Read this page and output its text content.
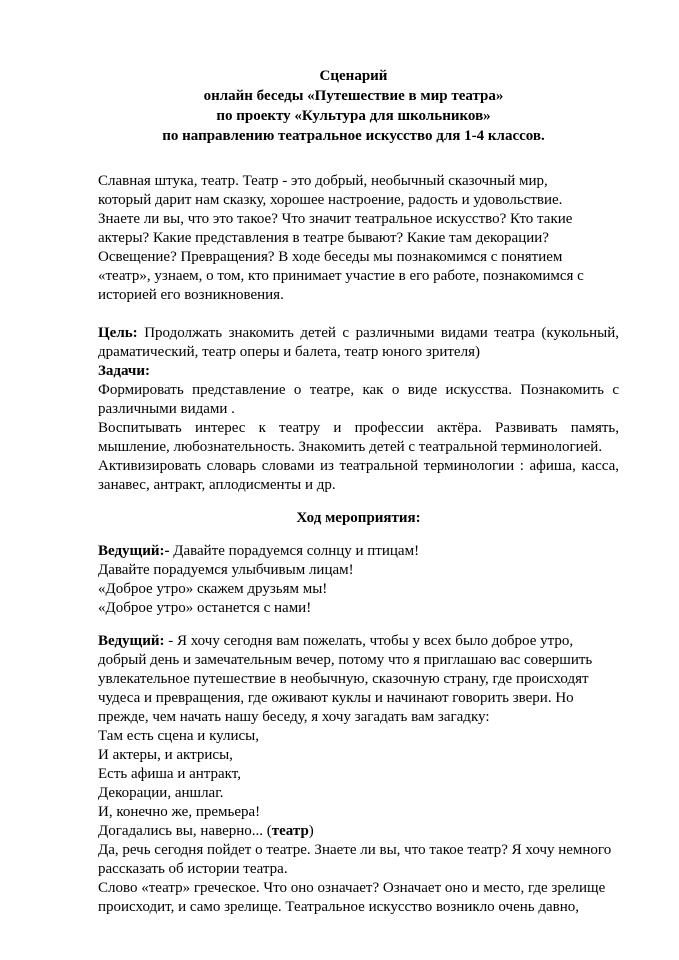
Сценарий
онлайн беседы «Путешествие в мир театра»
по проекту «Культура для школьников»
по направлению театральное искусство для 1-4 классов.
Славная штука, театр. Театр - это добрый, необычный сказочный мир,
который дарит нам сказку, хорошее настроение, радость и удовольствие.
Знаете ли вы, что это такое? Что значит театральное искусство? Кто такие
актеры? Какие представления в театре бывают? Какие там декорации?
Освещение? Превращения? В ходе беседы мы познакомимся с понятием
«театр», узнаем, о том, кто принимает участие в его работе, познакомимся с
историей его возникновения.

Цель: Продолжать знакомить детей с различными видами театра (кукольный, драматический, театр оперы и балета, театр юного зрителя)

Задачи:

Формировать представление о театре, как о виде искусства. Познакомить с различными видами .

Воспитывать интерес к театру и профессии актёра. Развивать память, мышление, любознательность. Знакомить детей с театральной терминологией.

Активизировать словарь словами из театральной терминологии : афиша, касса, занавес, антракт, аплодисменты и др.

Ход мероприятия:
Ведущий:- Давайте порадуемся солнцу и птицам!
Давайте порадуемся улыбчивым лицам!
«Доброе утро» скажем друзьям мы!
«Доброе утро» останется с нами!
Ведущий: - Я хочу сегодня вам пожелать, чтобы у всех было доброе утро,
добрый день и замечательным вечер, потому что я приглашаю вас совершить
увлекательное путешествие в необычную, сказочную страну, где происходят
чудеса и превращения, где оживают куклы и начинают говорить звери. Но
прежде, чем начать нашу беседу, я хочу загадать вам загадку:
Там есть сцена и кулисы,
И актеры, и актрисы,
Есть афиша и антракт,
Декорации, аншлаг.
И, конечно же, премьера!
Догадались вы, наверно... (театр)
Да, речь сегодня пойдет о театре. Знаете ли вы, что такое театр? Я хочу немного
рассказать об истории театра.
Слово «театр» греческое. Что оно означает? Означает оно и место, где зрелище
происходит, и само зрелище. Театральное искусство возникло очень давно,
